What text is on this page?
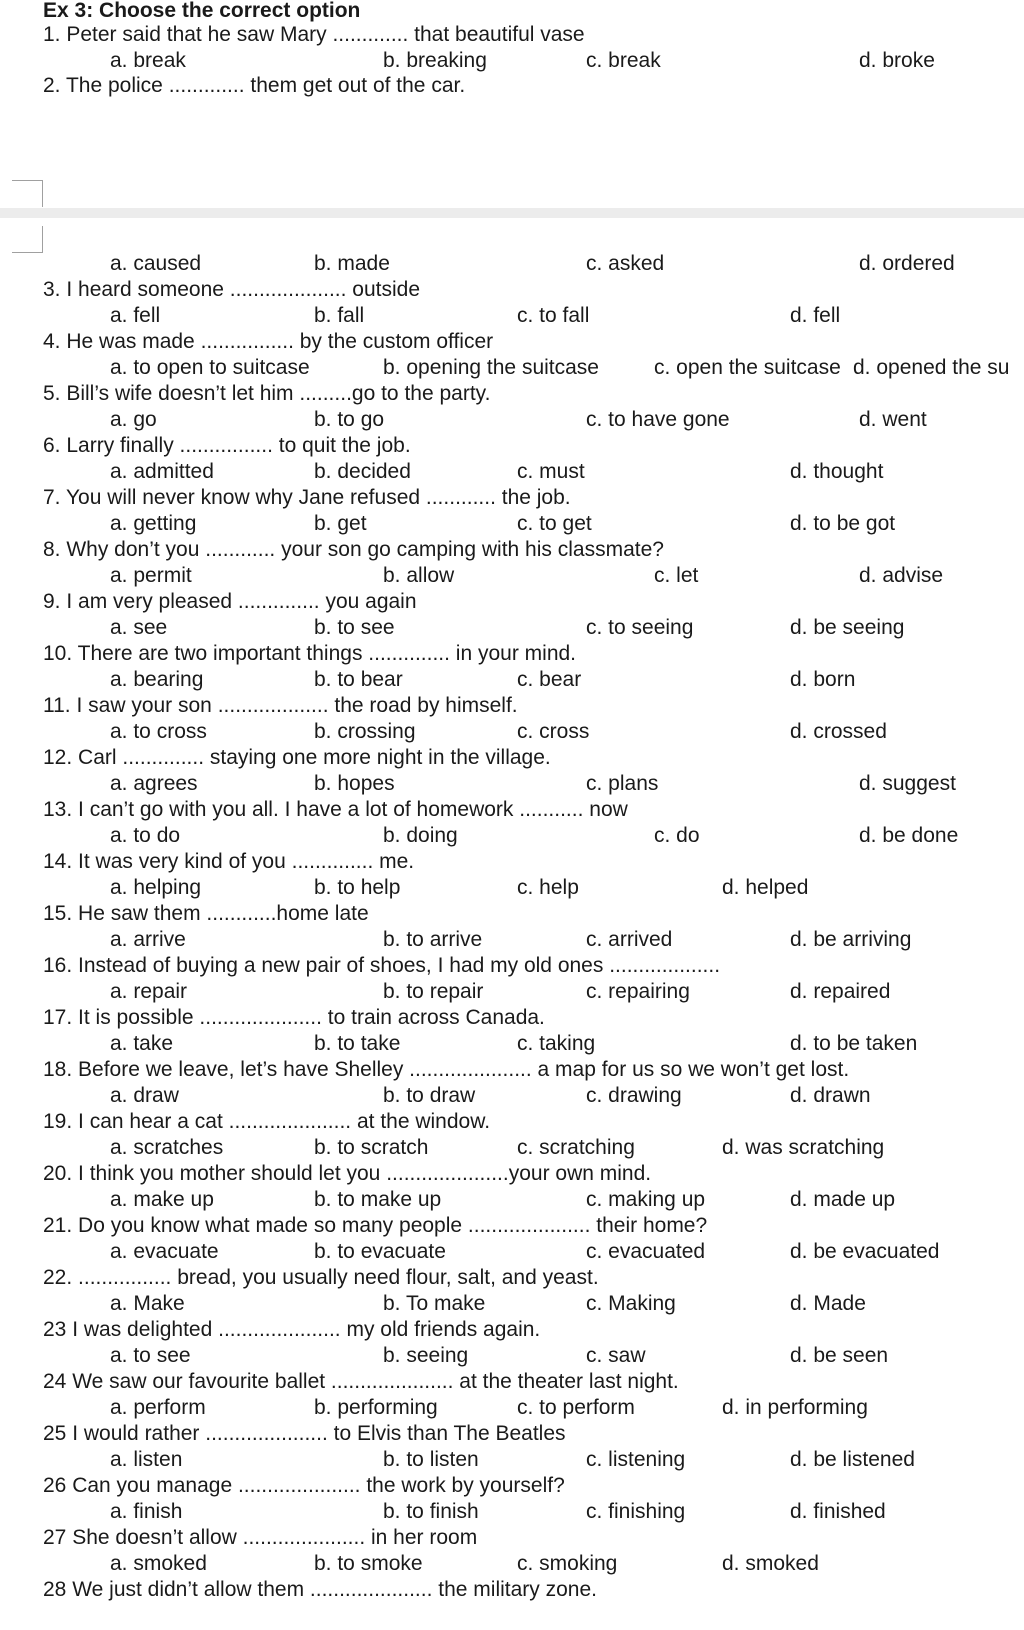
Ex 3: Choose the correct option
1. Peter said that he saw Mary ............. that beautiful vase
a. break	b. breaking	c. break	d. broke
2. The police ............. them get out of the car.
a. caused	b. made	c. asked	d. ordered
3. I heard someone .................... outside
a. fell	b. fall	c. to fall	d. fell
4. He was made ................ by the custom officer
a. to open to suitcase	b. opening the suitcase	c. open the suitcase d. opened the su
5. Bill’s wife doesn’t let him .........go to the party.
a. go	b. to go	c. to have gone	d. went
6. Larry finally ................ to quit the job.
a. admitted	b. decided	c. must	d. thought
7. You will never know why Jane refused ............ the job.
a. getting	b. get	c. to get	d. to be got
8. Why don’t you ............ your son go camping with his classmate?
a. permit	b. allow	c. let	d. advise
9. I am very pleased .............. you again
a. see	b. to see	c. to seeing	d. be seeing
10. There are two important things .............. in your mind.
a. bearing	b. to bear	c. bear	d. born
11. I saw your son ................... the road by himself.
a. to cross	b. crossing	c. cross	d. crossed
12. Carl .............. staying one more night in the village.
a. agrees	b. hopes	c. plans	d. suggest
13. I can’t go with you all. I have a lot of homework ........... now
a. to do	b. doing	c. do	d. be done
14. It was very kind of you .............. me.
a. helping	b. to help	c. help	d. helped
15. He saw them ............home late
a. arrive	b. to arrive	c. arrived	d. be arriving
16. Instead of buying a new pair of shoes, I had my old ones ...................
a. repair	b. to repair	c. repairing	d. repaired
17. It is possible ..................... to train across Canada.
a. take	b. to take	c. taking	d. to be taken
18. Before we leave, let’s have Shelley ..................... a map for us so we won’t get lost.
a. draw	b. to draw	c. drawing	d. drawn
19. I can hear a cat ..................... at the window.
a. scratches	b. to scratch	c. scratching	d. was scratching
20. I think you mother should let you .....................your own mind.
a. make up	b. to make up	c. making up	d. made up
21. Do you know what made so many people ..................... their home?
a. evacuate	b. to evacuate	c. evacuated	d. be evacuated
22. ................ bread, you usually need flour, salt, and yeast.
a. Make	b. To make	c. Making	d. Made
23 I was delighted ..................... my old friends again.
a. to see	b. seeing	c. saw	d. be seen
24 We saw our favourite ballet ..................... at the theater last night.
a. perform	b. performing	c. to perform	d. in performing
25 I would rather ..................... to Elvis than The Beatles
a. listen	b. to listen	c. listening	d. be listened
26 Can you manage ..................... the work by yourself?
a. finish	b. to finish	c. finishing	d. finished
27 She doesn’t allow ..................... in her room
a. smoked	b. to smoke	c. smoking	d. smoked
28 We just didn’t allow them ..................... the military zone.
